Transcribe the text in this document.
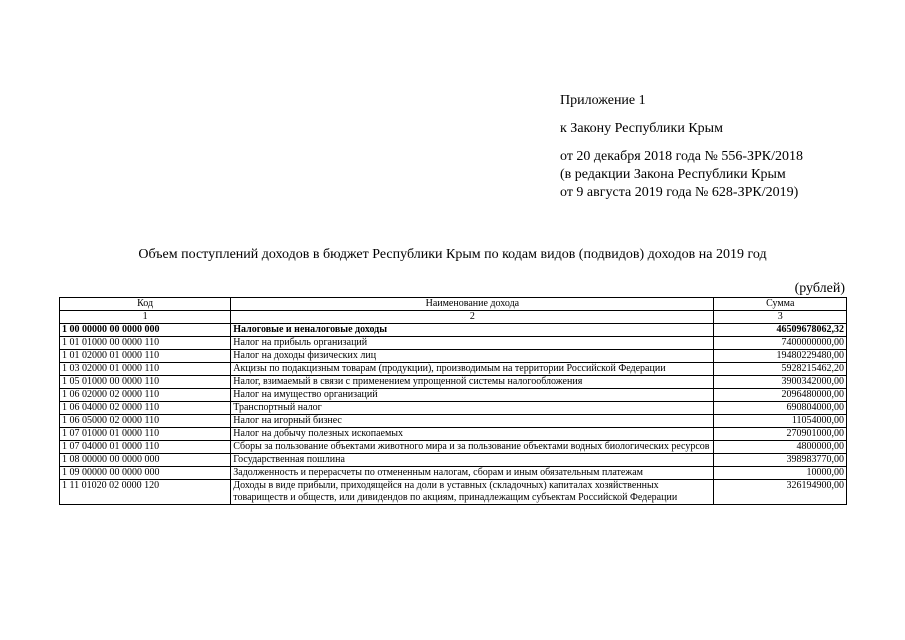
Приложение 1
к Закону Республики Крым
от 20 декабря 2018 года № 556-ЗРК/2018
(в редакции Закона Республики Крым
от 9 августа 2019 года № 628-ЗРК/2019)
Объем поступлений доходов в бюджет Республики Крым по кодам видов (подвидов) доходов на 2019 год
(рублей)
Код	Наименование дохода	Сумма
1	2	3
1 00 00000 00 0000 000	Налоговые и неналоговые доходы	46509678062,32
1 01 01000 00 0000 110	Налог на прибыль организаций	7400000000,00
1 01 02000 01 0000 110	Налог на доходы физических лиц	19480229480,00
1 03 02000 01 0000 110	Акцизы по подакцизным товарам (продукции), производимым на территории Российской Федерации	5928215462,20
1 05 01000 00 0000 110	Налог, взимаемый в связи с применением упрощенной системы налогообложения	3900342000,00
1 06 02000 02 0000 110	Налог на имущество организаций	2096480000,00
1 06 04000 02 0000 110	Транспортный налог	690804000,00
1 06 05000 02 0000 110	Налог на игорный бизнес	11054000,00
1 07 01000 01 0000 110	Налог на добычу полезных ископаемых	270901000,00
1 07 04000 01 0000 110	Сборы за пользование объектами животного мира и за пользование объектами водных биологических ресурсов	4800000,00
1 08 00000 00 0000 000	Государственная пошлина	398983770,00
1 09 00000 00 0000 000	Задолженность и перерасчеты по отмененным налогам, сборам и иным обязательным платежам	10000,00
1 11 01020 02 0000 120	Доходы в виде прибыли, приходящейся на доли в уставных (складочных) капиталах хозяйственных товариществ и обществ, или дивидендов по акциям, принадлежащим субъектам Российской Федерации	326194900,00
